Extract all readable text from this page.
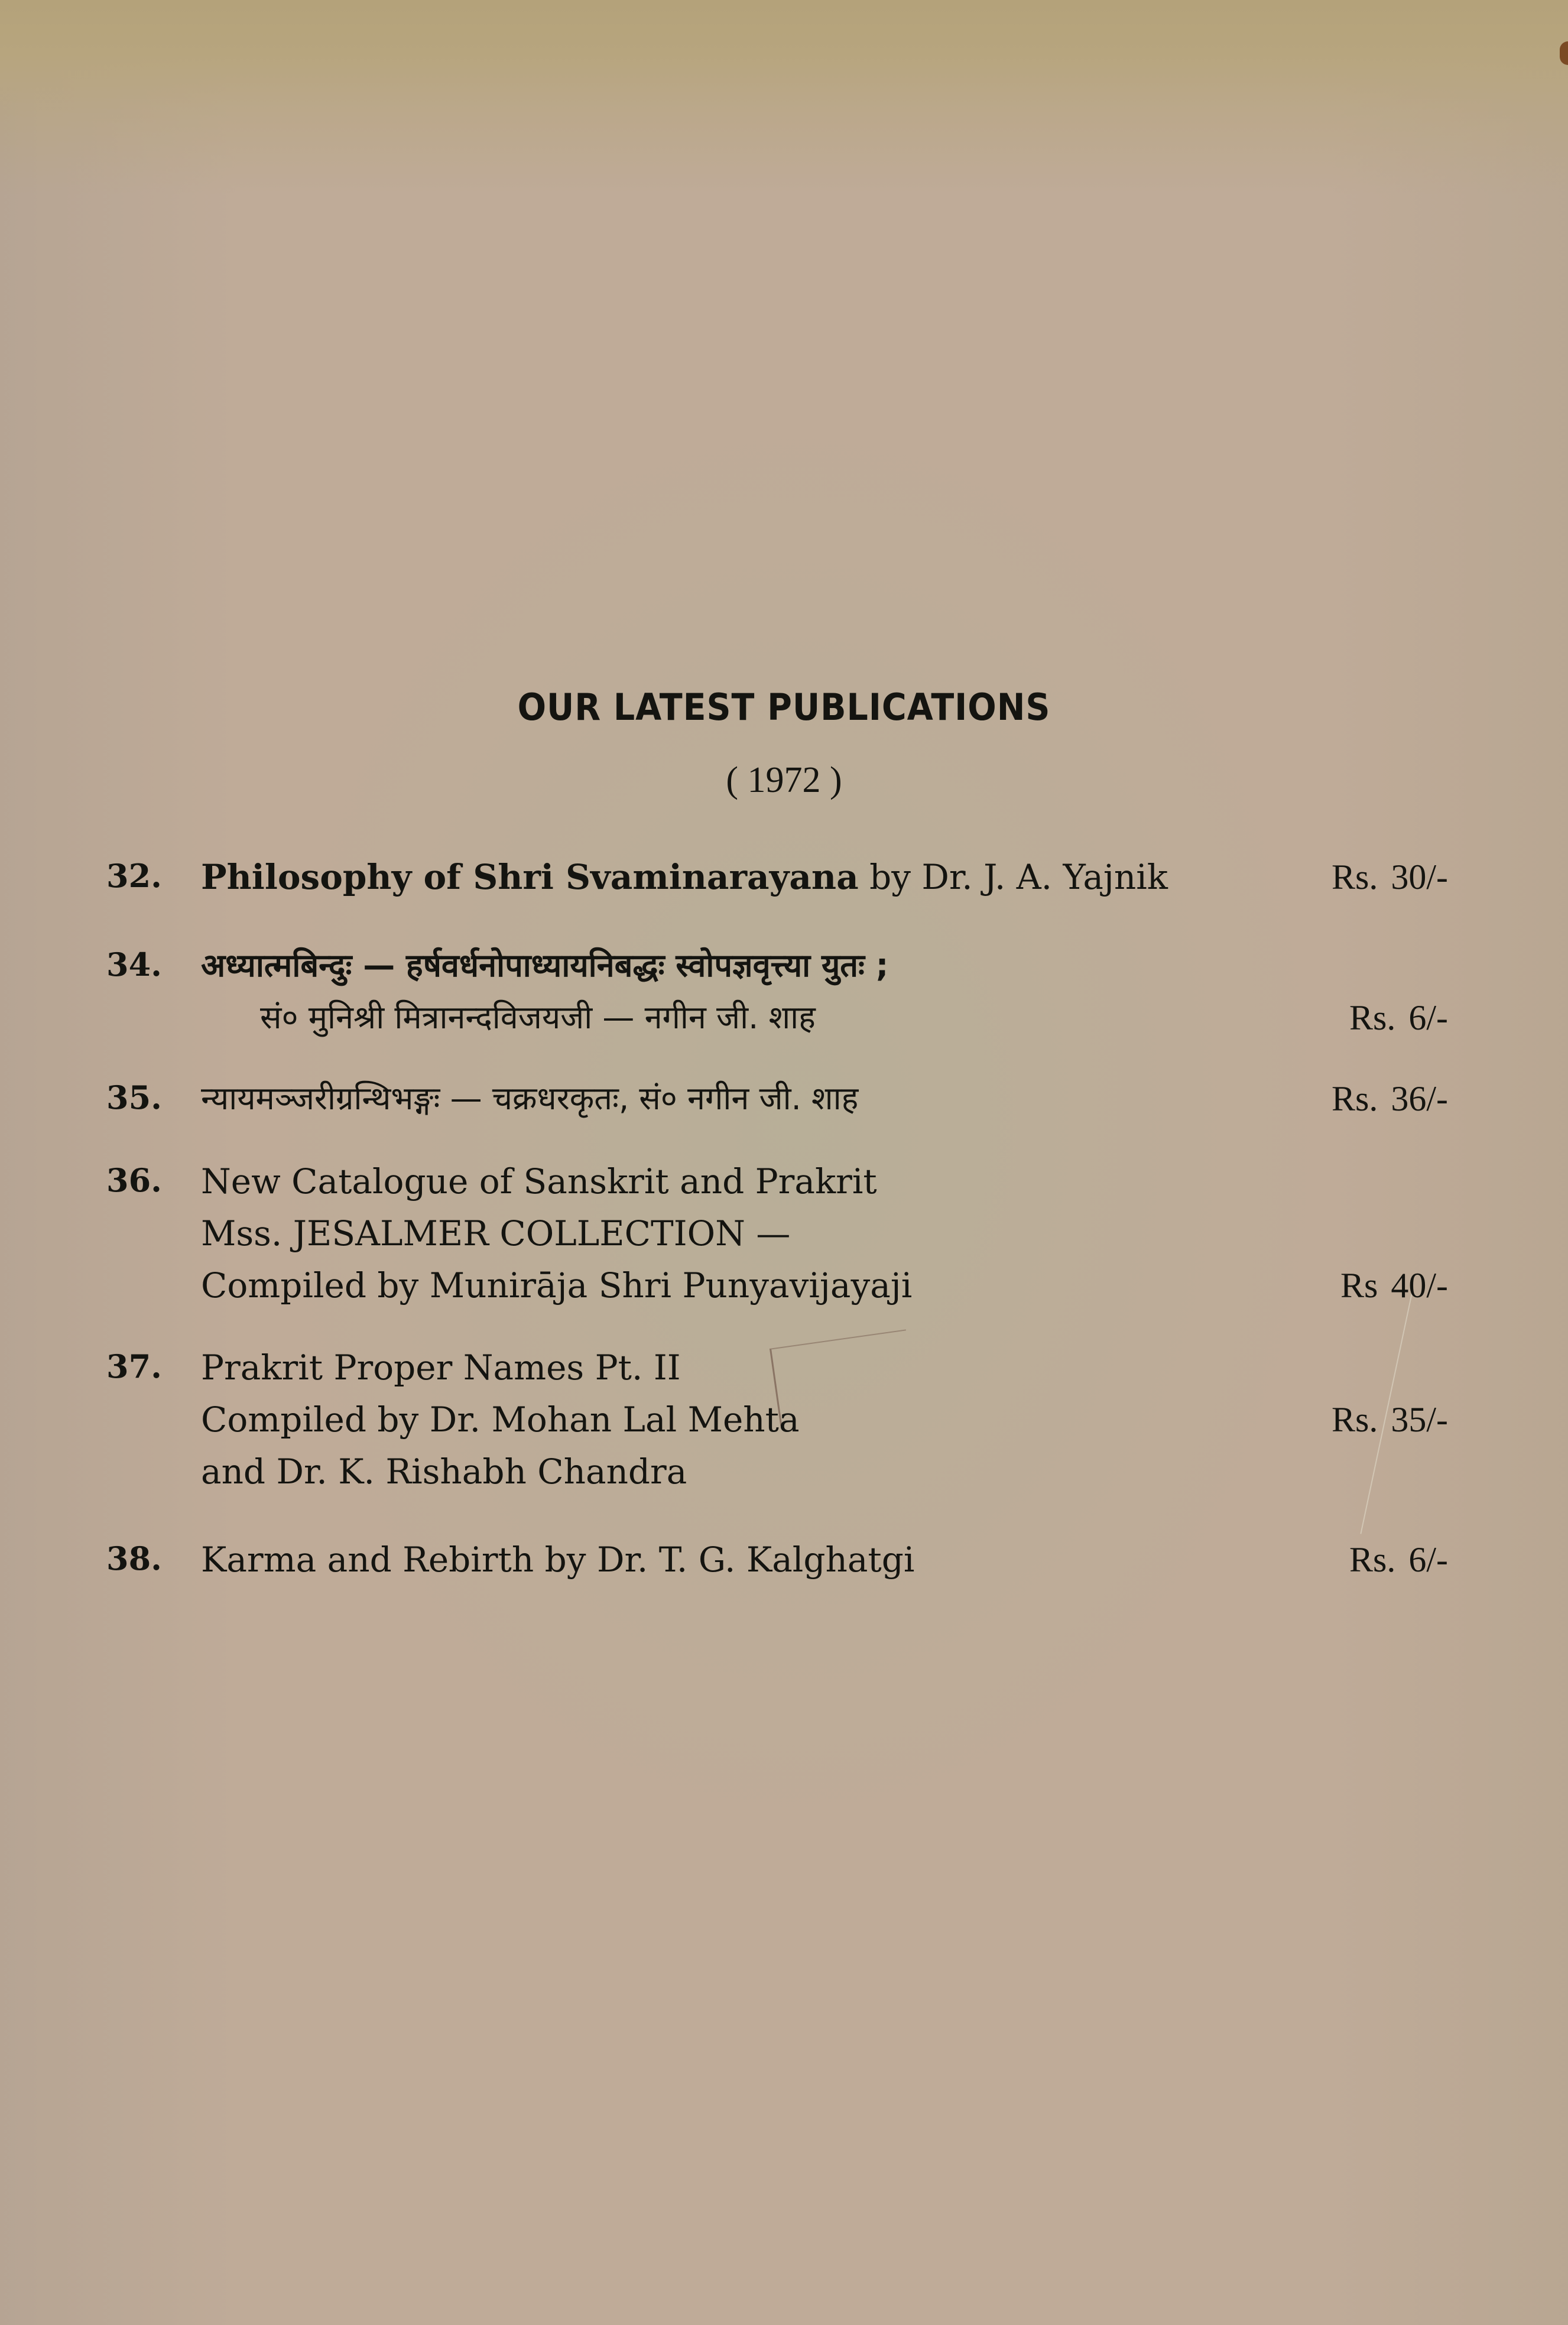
OUR LATEST PUBLICATIONS
( 1972 )
32. Philosophy of Shri Svaminarayana by Dr. J. A. Yajnik	Rs. 30/-
34. अध्यात्मबिन्दुः — हर्षवर्धनोपाध्यायनिबद्धः स्वोपज्ञवृत्त्या युतः ;
सं० मुनिश्री मित्रानन्दविजयजी — नगीन जी. शाह	Rs. 6/-
35. न्यायमञ्जरीग्रन्थिभङ्गः — चक्रधरकृतः, सं० नगीन जी. शाह	Rs. 36/-
36. New Catalogue of Sanskrit and Prakrit
Mss. JESALMER COLLECTION —
Compiled by Munirāja Shri Punyavijayaji	Rs 40/-
37. Prakrit Proper Names Pt. II
Compiled by Dr. Mohan Lal Mehta
and Dr. K. Rishabh Chandra
Rs. 35/-
38. Karma and Rebirth by Dr. T. G. Kalghatgi	Rs. 6/-
